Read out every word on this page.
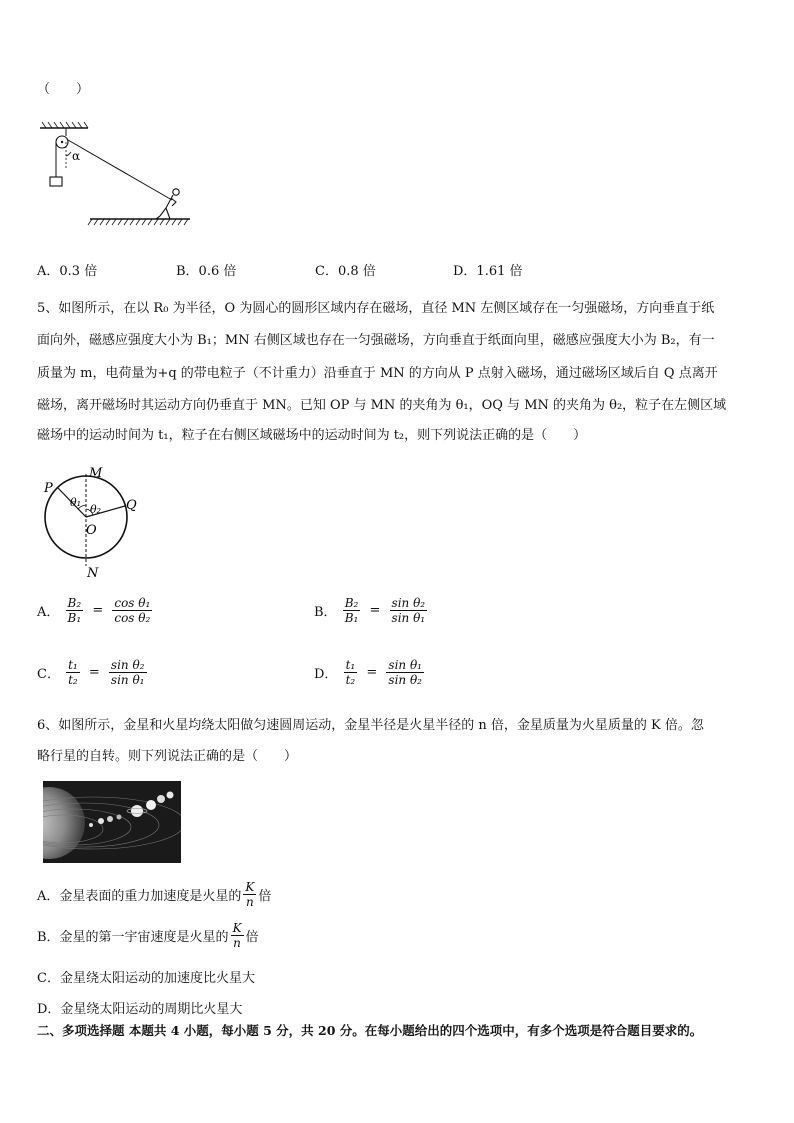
（　　）
α
A．0.3 倍	B．0.6 倍	C．0.8 倍	D．1.61 倍
5、如图所示，在以 R₀ 为半径，O 为圆心的圆形区域内存在磁场，直径 MN 左侧区域存在一匀强磁场，方向垂直于纸
面向外，磁感应强度大小为 B₁；MN 右侧区域也存在一匀强磁场，方向垂直于纸面向里，磁感应强度大小为 B₂，有一
质量为 m，电荷量为+q 的带电粒子（不计重力）沿垂直于 MN 的方向从 P 点射入磁场，通过磁场区域后自 Q 点离开
磁场，离开磁场时其运动方向仍垂直于 MN。已知 OP 与 MN 的夹角为 θ₁，OQ 与 MN 的夹角为 θ₂，粒子在左侧区域
磁场中的运动时间为 t₁，粒子在右侧区域磁场中的运动时间为 t₂，则下列说法正确的是（　　）
M
P
Q
θ₁
θ₂
O
N
A． $\frac{\text{B₂}}{\text{B₁}} = \frac{\text{cos θ₁}}{\text{cos θ₂}}$	B． $\frac{\text{B₂}}{\text{B₁}} = \frac{\text{sin θ₂}}{\text{sin θ₁}}$
C． $\frac{\text{t₁}}{\text{t₂}} = \frac{\text{sin θ₂}}{\text{sin θ₁}}$	D． $\frac{\text{t₁}}{\text{t₂}} = \frac{\text{sin θ₁}}{\text{sin θ₂}}$
6、如图所示，金星和火星均绕太阳做匀速圆周运动，金星半径是火星半径的 n 倍，金星质量为火星质量的 K 倍。忽
略行星的自转。则下列说法正确的是（　　）
A．金星表面的重力加速度是火星的 $\frac{K}{n}$ 倍
B．金星的第一宇宙速度是火星的 $\frac{K}{n}$ 倍
C．金星绕太阳运动的加速度比火星大
D．金星绕太阳运动的周期比火星大
二、多项选择题 本题共 4 小题，每小题 5 分，共 20 分。在每小题给出的四个选项中，有多个选项是符合题目要求的。
